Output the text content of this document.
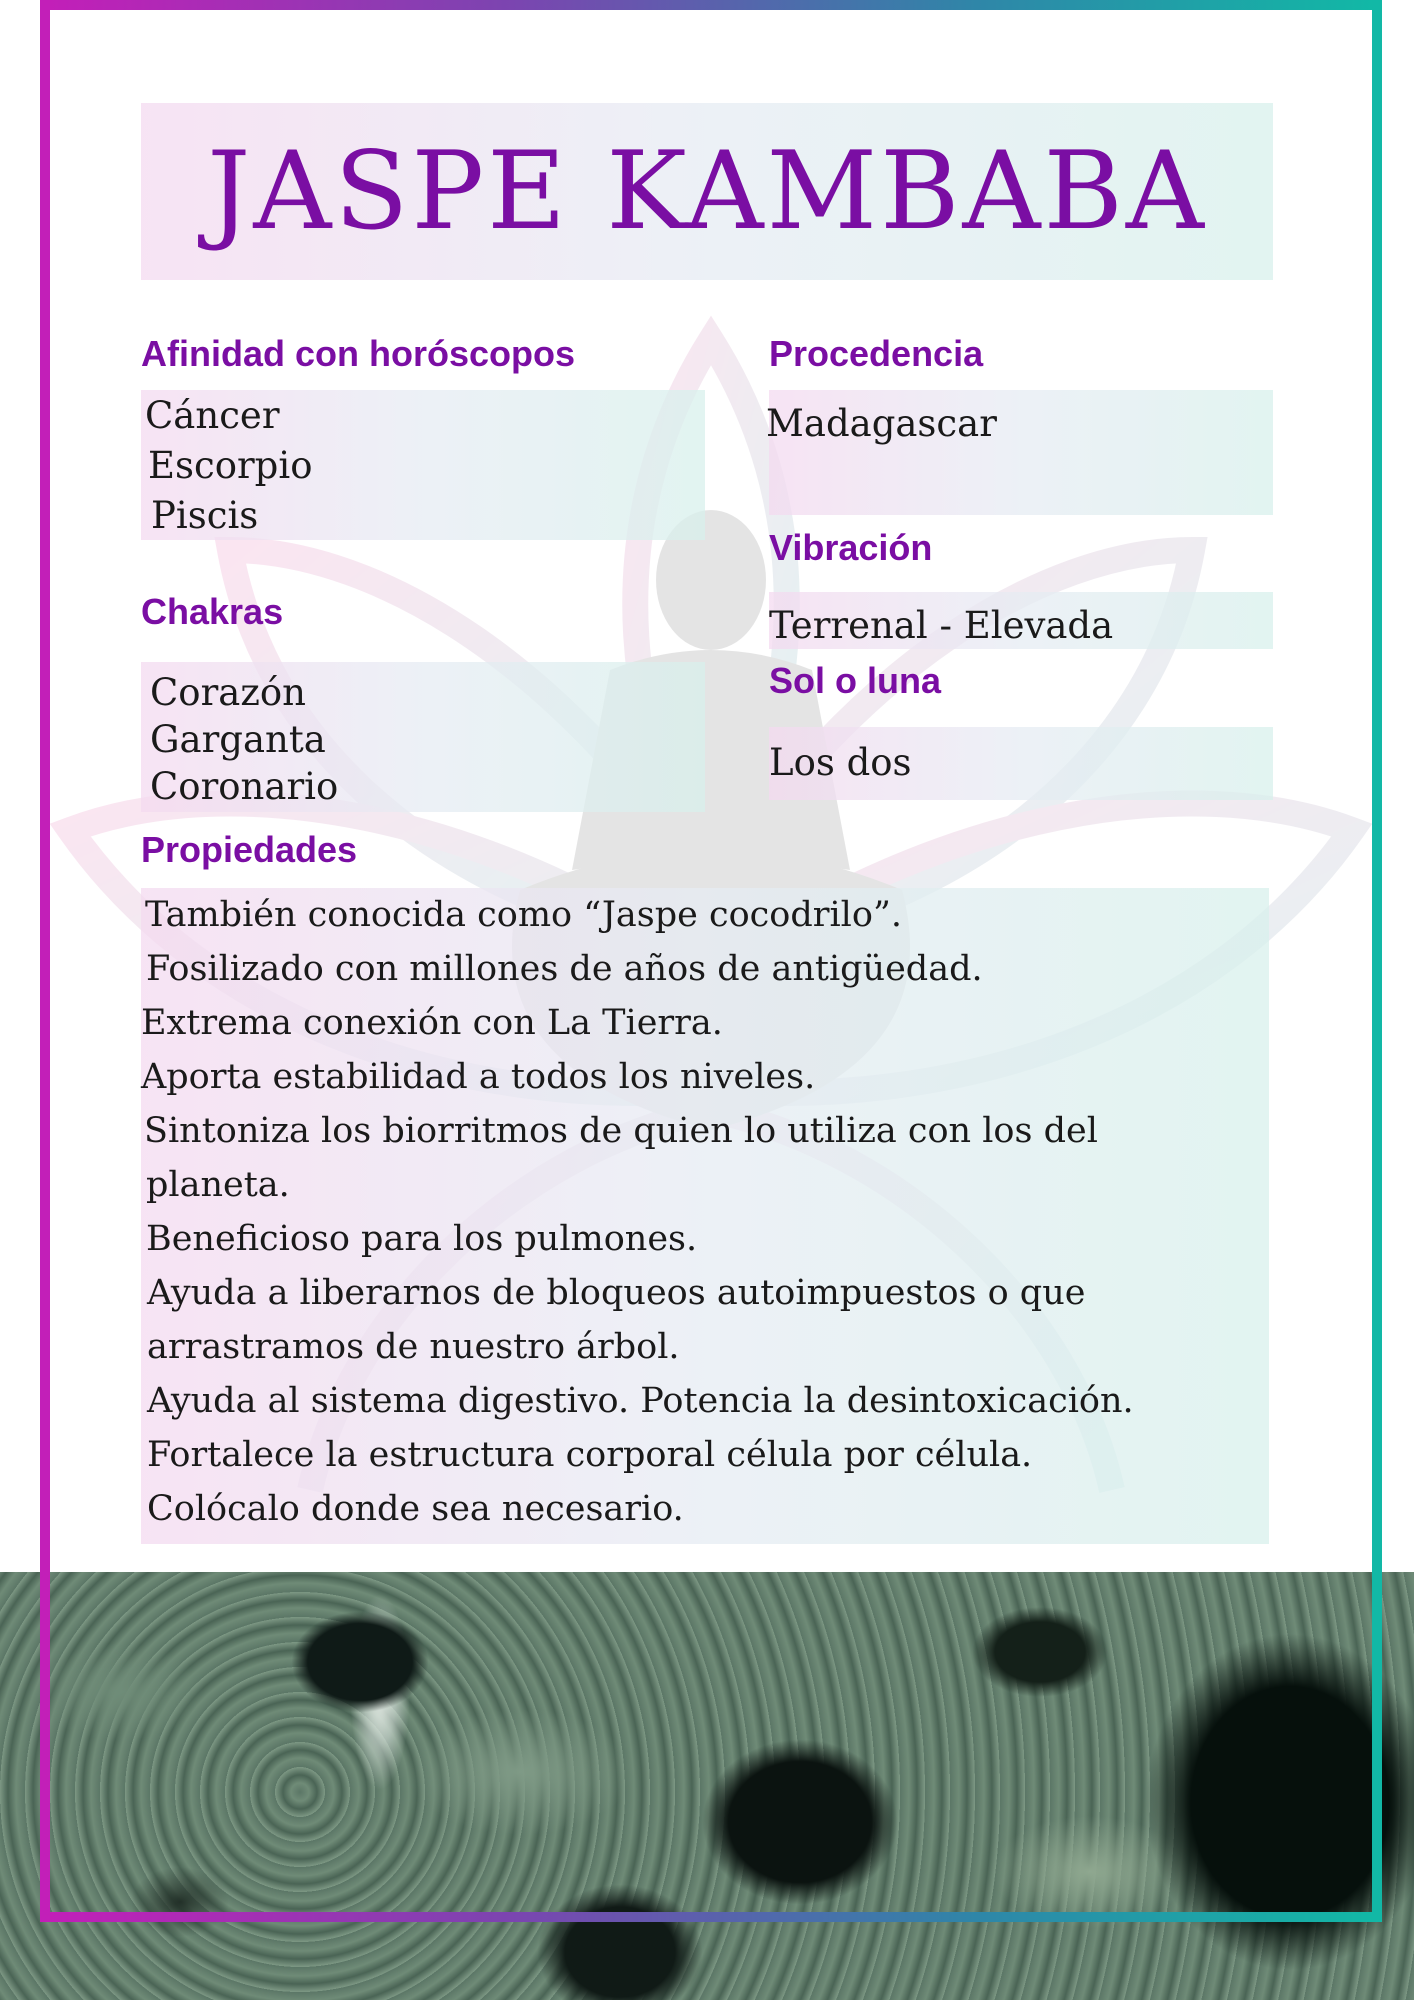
JASPE KAMBABA
Afinidad con horóscopos
Cáncer
Escorpio
Piscis
Procedencia
Madagascar
Vibración
Terrenal - Elevada
Chakras
Corazón
Garganta
Coronario
Sol o luna
Los dos
Propiedades
También conocida como “Jaspe cocodrilo”.
Fosilizado con millones de años de antigüedad.
Extrema conexión con La Tierra.
Aporta estabilidad a todos los niveles.
Sintoniza los biorritmos de quien lo utiliza con los del
planeta.
Beneficioso para los pulmones.
Ayuda a liberarnos de bloqueos autoimpuestos o que
arrastramos de nuestro árbol.
Ayuda al sistema digestivo. Potencia la desintoxicación.
Fortalece la estructura corporal célula por célula.
Colócalo donde sea necesario.
